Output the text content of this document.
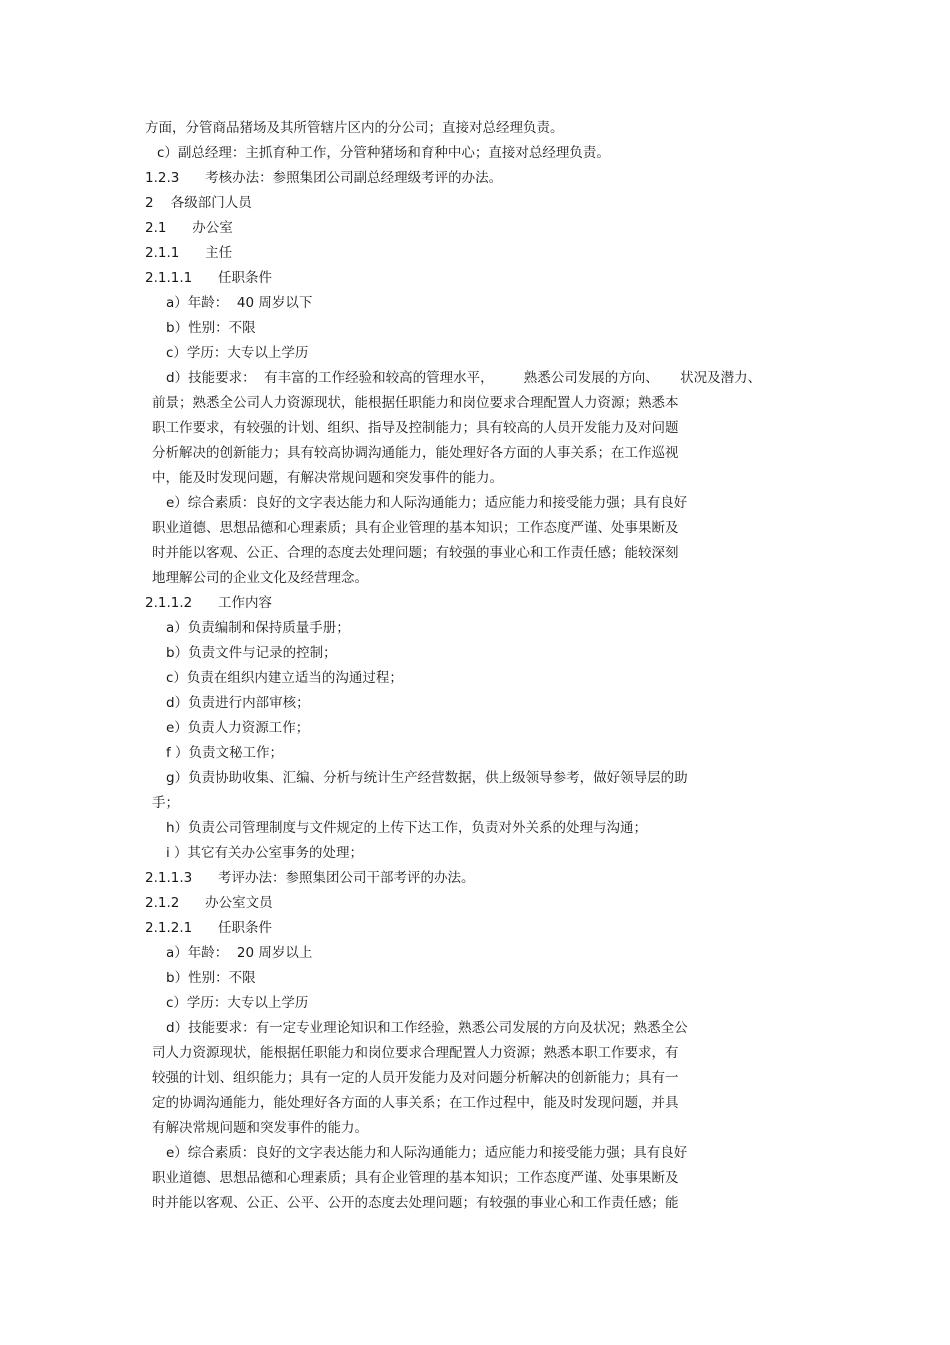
方面，分管商品猪场及其所管辖片区内的分公司；直接对总经理负责。
c）副总经理：主抓育种工作，分管种猪场和育种中心；直接对总经理负责。
1.2.3      考核办法：参照集团公司副总经理级考评的办法。
2    各级部门人员
2.1      办公室
2.1.1      主任
2.1.1.1      任职条件
a）年龄：  40 周岁以下
b）性别：不限
c）学历：大专以上学历
d）技能要求：  有丰富的工作经验和较高的管理水平，       熟悉公司发展的方向、     状况及潜力、
前景；熟悉全公司人力资源现状，能根据任职能力和岗位要求合理配置人力资源；熟悉本
职工作要求，有较强的计划、组织、指导及控制能力；具有较高的人员开发能力及对问题
分析解决的创新能力；具有较高协调沟通能力，能处理好各方面的人事关系；在工作巡视
中，能及时发现问题，有解决常规问题和突发事件的能力。
e）综合素质：良好的文字表达能力和人际沟通能力；适应能力和接受能力强；具有良好
职业道德、思想品德和心理素质；具有企业管理的基本知识；工作态度严谨、处事果断及
时并能以客观、公正、合理的态度去处理问题；有较强的事业心和工作责任感；能较深刻
地理解公司的企业文化及经营理念。
2.1.1.2      工作内容
a）负责编制和保持质量手册；
b）负责文件与记录的控制；
c）负责在组织内建立适当的沟通过程；
d）负责进行内部审核；
e）负责人力资源工作；
f ）负责文秘工作；
g）负责协助收集、汇编、分析与统计生产经营数据，供上级领导参考，做好领导层的助
手；
h）负责公司管理制度与文件规定的上传下达工作，负责对外关系的处理与沟通；
i ）其它有关办公室事务的处理；
2.1.1.3      考评办法：参照集团公司干部考评的办法。
2.1.2      办公室文员
2.1.2.1      任职条件
a）年龄：  20 周岁以上
b）性别：不限
c）学历：大专以上学历
d）技能要求：有一定专业理论知识和工作经验，熟悉公司发展的方向及状况；熟悉全公
司人力资源现状，能根据任职能力和岗位要求合理配置人力资源；熟悉本职工作要求，有
较强的计划、组织能力；具有一定的人员开发能力及对问题分析解决的创新能力；具有一
定的协调沟通能力，能处理好各方面的人事关系；在工作过程中，能及时发现问题，并具
有解决常规问题和突发事件的能力。
e）综合素质：良好的文字表达能力和人际沟通能力；适应能力和接受能力强；具有良好
职业道德、思想品德和心理素质；具有企业管理的基本知识；工作态度严谨、处事果断及
时并能以客观、公正、公平、公开的态度去处理问题；有较强的事业心和工作责任感；能
